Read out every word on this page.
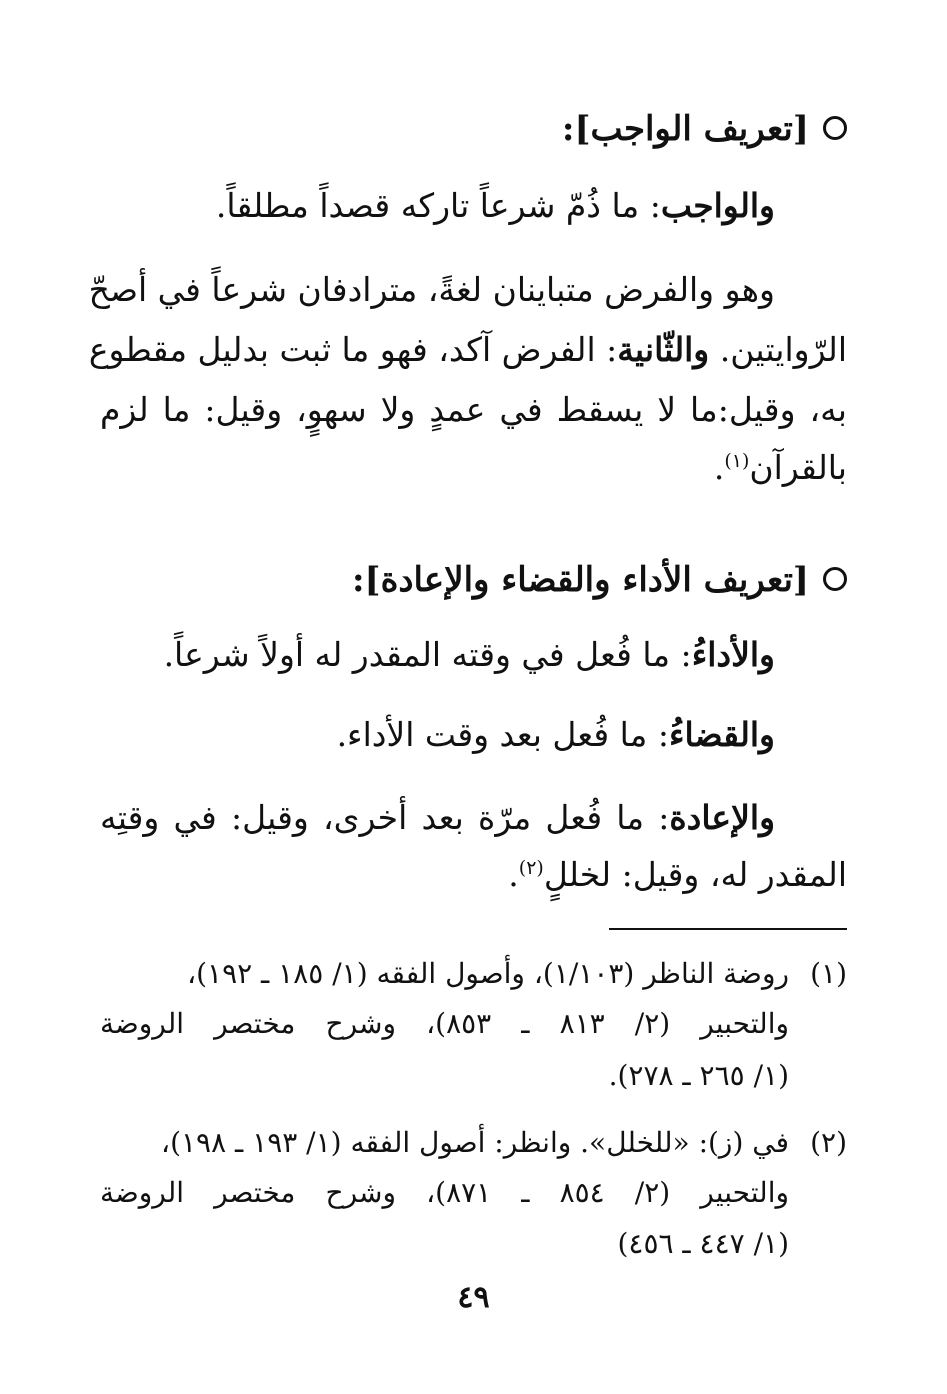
[تعريف الواجب]:
والواجب: ما ذُمّ شرعاً تاركه قصداً مطلقاً.
وهو والفرض متباينان لغةً، مترادفان شرعاً في أصحّ
الرّوايتين. والثّانية: الفرض آكد، فهو ما ثبت بدليل مقطوع
به، وقيل:ما لا يسقط في عمدٍ ولا سهوٍ، وقيل: ما لزم
بالقرآن$^{(١)}$.
[تعريف الأداء والقضاء والإعادة]:
والأداءُ: ما فُعل في وقته المقدر له أولاً شرعاً.
والقضاءُ: ما فُعل بعد وقت الأداء.
والإعادة: ما فُعل مرّة بعد أخرى، وقيل: في وقتِه
المقدر له، وقيل: لخللٍ$^{(٢)}$.
(١)روضة الناظر (١/١٠٣)، وأصول الفقه (١/ ١٨٥ ـ ١٩٢)،
والتحبير (٢/ ٨١٣ ـ ٨٥٣)، وشرح مختصر الروضة
(١/ ٢٦٥ ـ ٢٧٨).
(٢)في (ز): «للخلل». وانظر: أصول الفقه (١/ ١٩٣ ـ ١٩٨)،
والتحبير (٢/ ٨٥٤ ـ ٨٧١)، وشرح مختصر الروضة
(١/ ٤٤٧ ـ ٤٥٦)
٤٩
